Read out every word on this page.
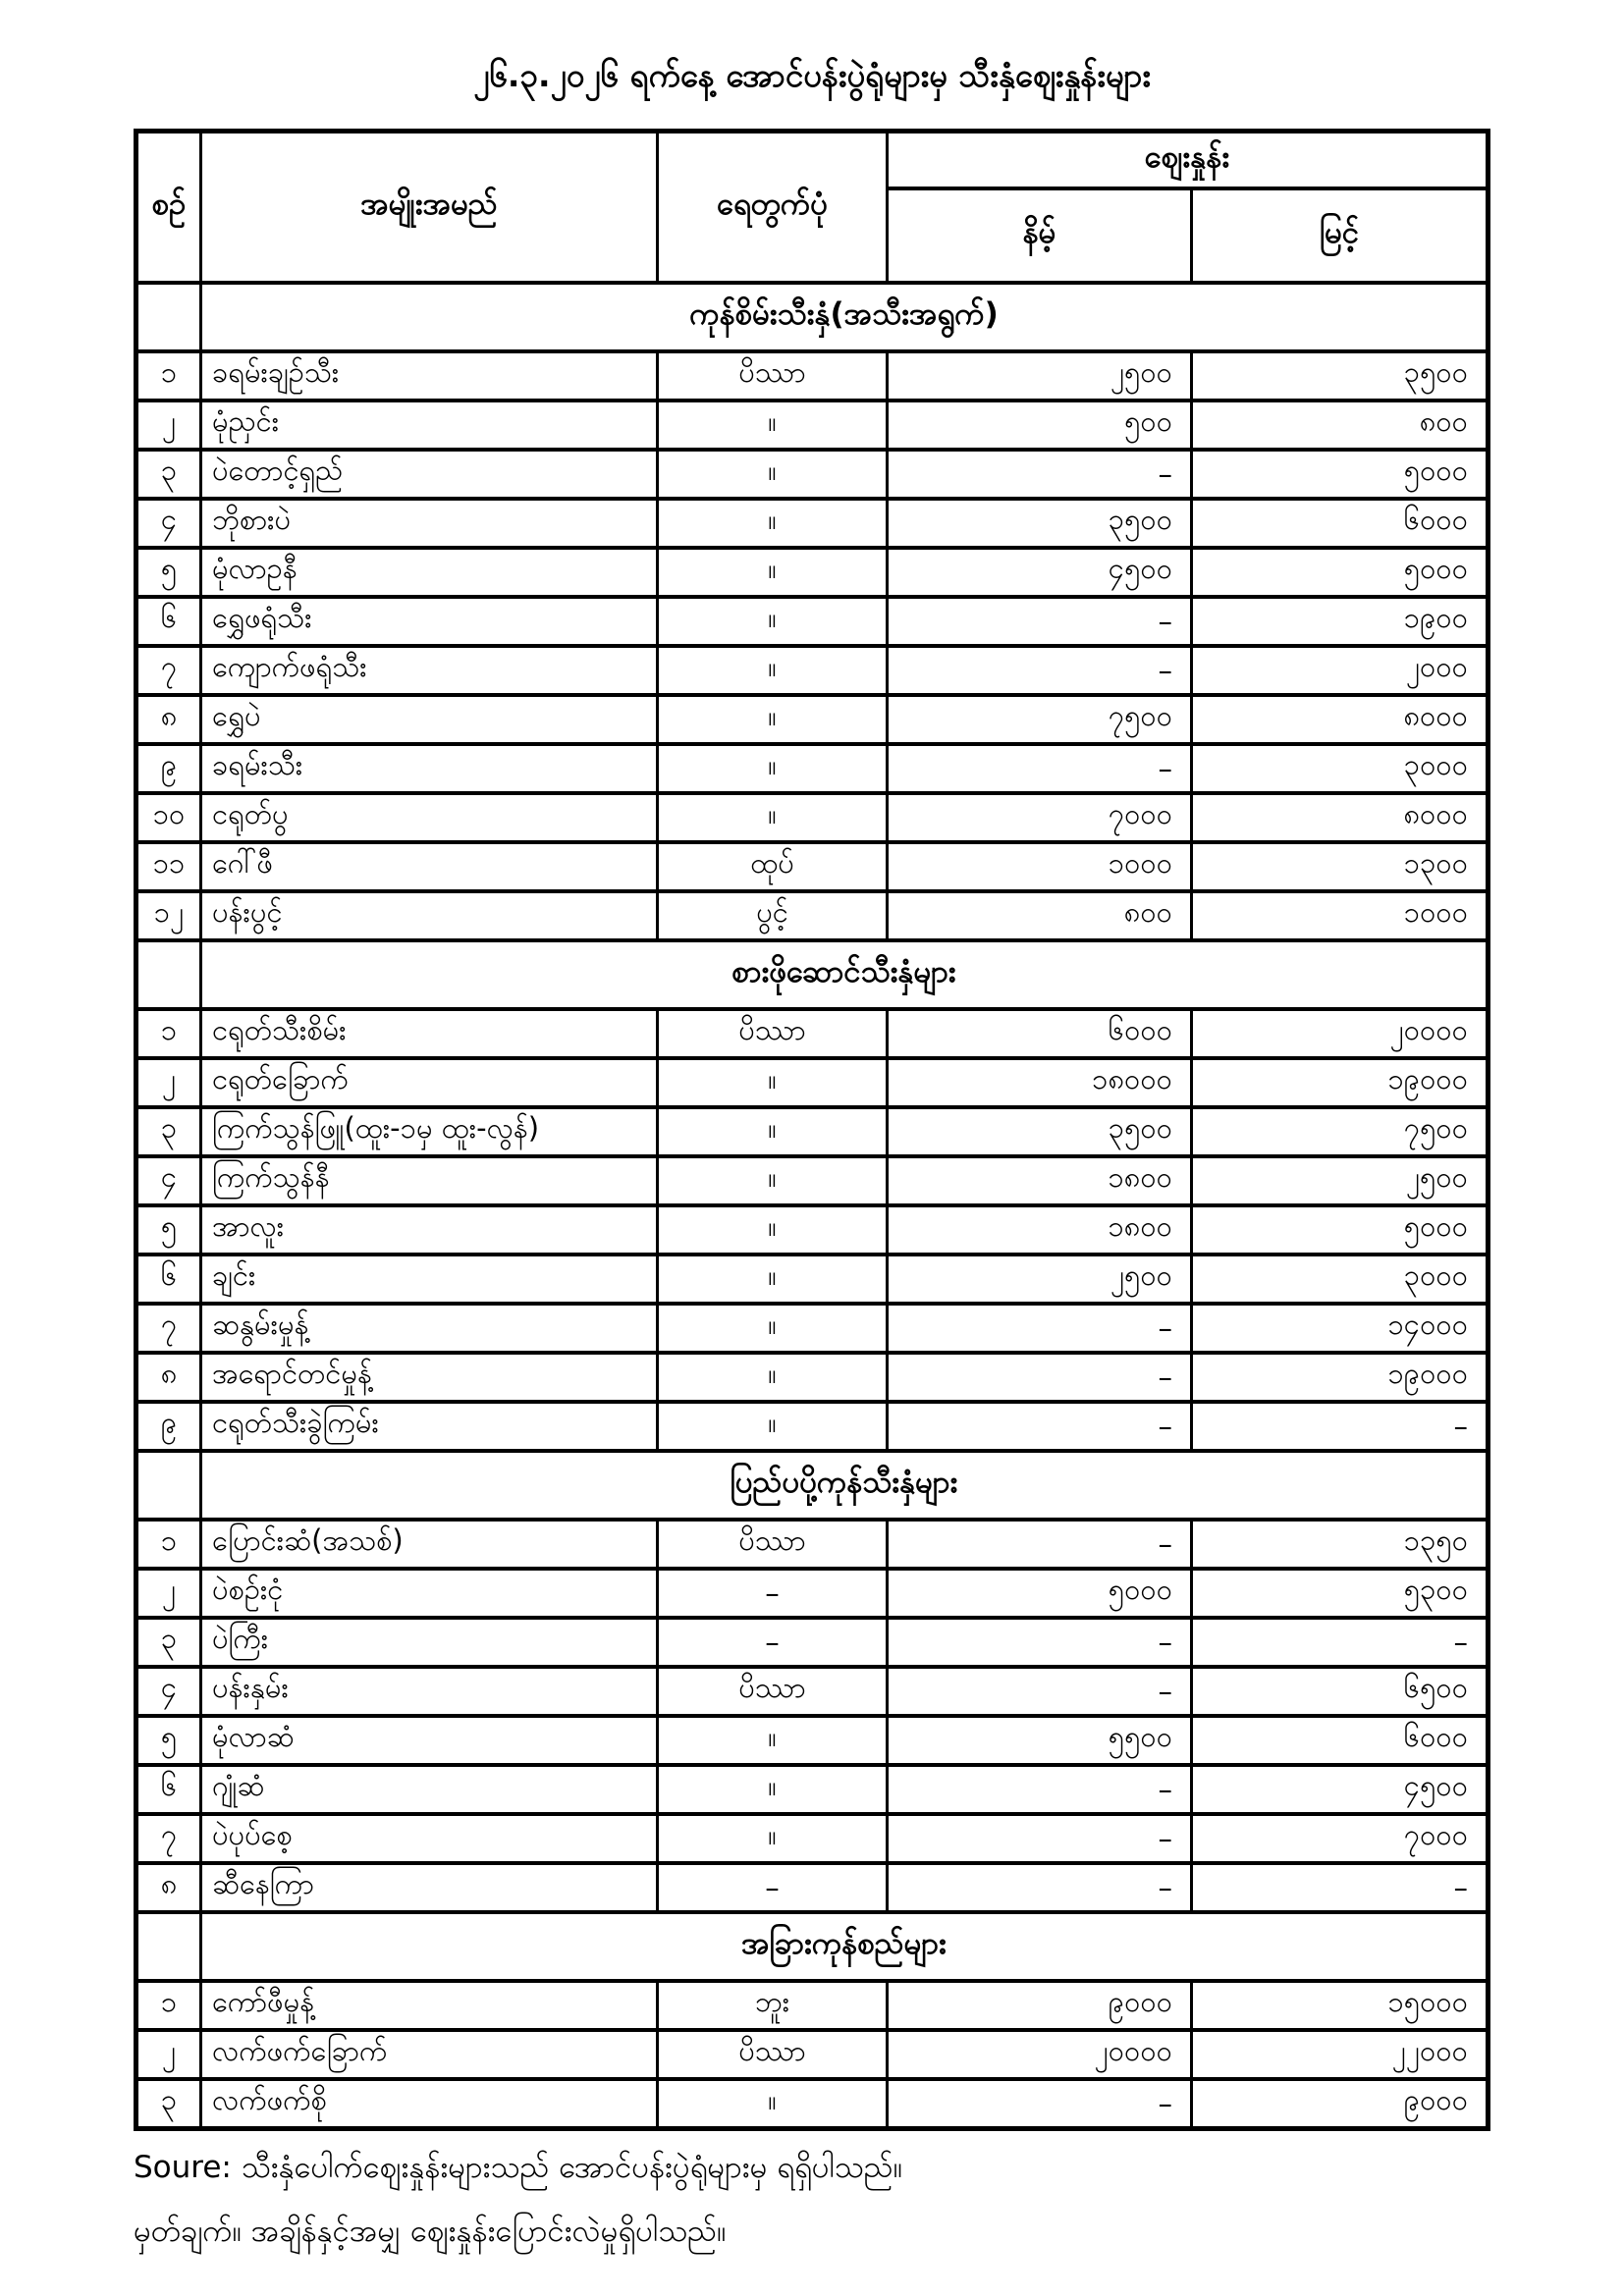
၂၆.၃.၂၀၂၆ ရက်နေ့ အောင်ပန်းပွဲရုံများမှ သီးနှံဈေးနှုန်းများ
စဉ်	အမျိုးအမည်	ရေတွက်ပုံ	ဈေးနှုန်း	
			နိမ့်	မြင့်
	ကုန်စိမ်းသီးနှံ(အသီးအရွက်)			
၁	ခရမ်းချဉ်သီး	ပိဿာ	၂၅၀၀	၃၅၀၀
၂	မုံညှင်း	။	၅၀၀	၈၀၀
၃	ပဲတောင့်ရှည်	။	–	၅၀၀၀
၄	ဘိုစားပဲ	။	၃၅၀၀	၆၀၀၀
၅	မုံလာဥနီ	။	၄၅၀၀	၅၀၀၀
၆	ရွှေဖရုံသီး	။	–	၁၉၀၀
၇	ကျောက်ဖရုံသီး	။	–	၂၀၀၀
၈	ရွှေပဲ	။	၇၅၀၀	၈၀၀၀
၉	ခရမ်းသီး	။	–	၃၀၀၀
၁၀	ငရုတ်ပွ	။	၇၀၀၀	၈၀၀၀
၁၁	ဂေါ်ဖီ	ထုပ်	၁၀၀၀	၁၃၀၀
၁၂	ပန်းပွင့်	ပွင့်	၈၀၀	၁၀၀၀
	စားဖိုဆောင်သီးနှံများ			
၁	ငရုတ်သီးစိမ်း	ပိဿာ	၆၀၀၀	၂၀၀၀၀
၂	ငရုတ်ခြောက်	။	၁၈၀၀၀	၁၉၀၀၀
၃	ကြက်သွန်ဖြူ(ထူး-၁မှ ထူး-လွန်)	။	၃၅၀၀	၇၅၀၀
၄	ကြက်သွန်နီ	။	၁၈၀၀	၂၅၀၀
၅	အာလူး	။	၁၈၀၀	၅၀၀၀
၆	ချင်း	။	၂၅၀၀	၃၀၀၀
၇	ဆနွမ်းမှုန့်	။	–	၁၄၀၀၀
၈	အရောင်တင်မှုန့်	။	–	၁၉၀၀၀
၉	ငရုတ်သီးခွဲကြမ်း	။	–	–
	ပြည်ပပို့ကုန်သီးနှံများ			
၁	ပြောင်းဆံ(အသစ်)	ပိဿာ	–	၁၃၅၀
၂	ပဲစဉ်းငုံ	–	၅၀၀၀	၅၃၀၀
၃	ပဲကြီး	–	–	–
၄	ပန်းနှမ်း	ပိဿာ	–	၆၅၀၀
၅	မုံလာဆံ	။	၅၅၀၀	၆၀၀၀
၆	ဂျုံဆံ	။	–	၄၅၀၀
၇	ပဲပုပ်စေ့	။	–	၇၀၀၀
၈	ဆီနေကြာ	–	–	–
	အခြားကုန်စည်များ			
၁	ကော်ဖီမှုန့်	ဘူး	၉၀၀၀	၁၅၀၀၀
၂	လက်ဖက်ခြောက်	ပိဿာ	၂၀၀၀၀	၂၂၀၀၀
၃	လက်ဖက်စို	။	–	၉၀၀၀
Soure: သီးနှံပေါက်ဈေးနှုန်းများသည် အောင်ပန်းပွဲရုံများမှ ရရှိပါသည်။
မှတ်ချက်။ အချိန်နှင့်အမျှ ဈေးနှုန်းပြောင်းလဲမှုရှိပါသည်။
